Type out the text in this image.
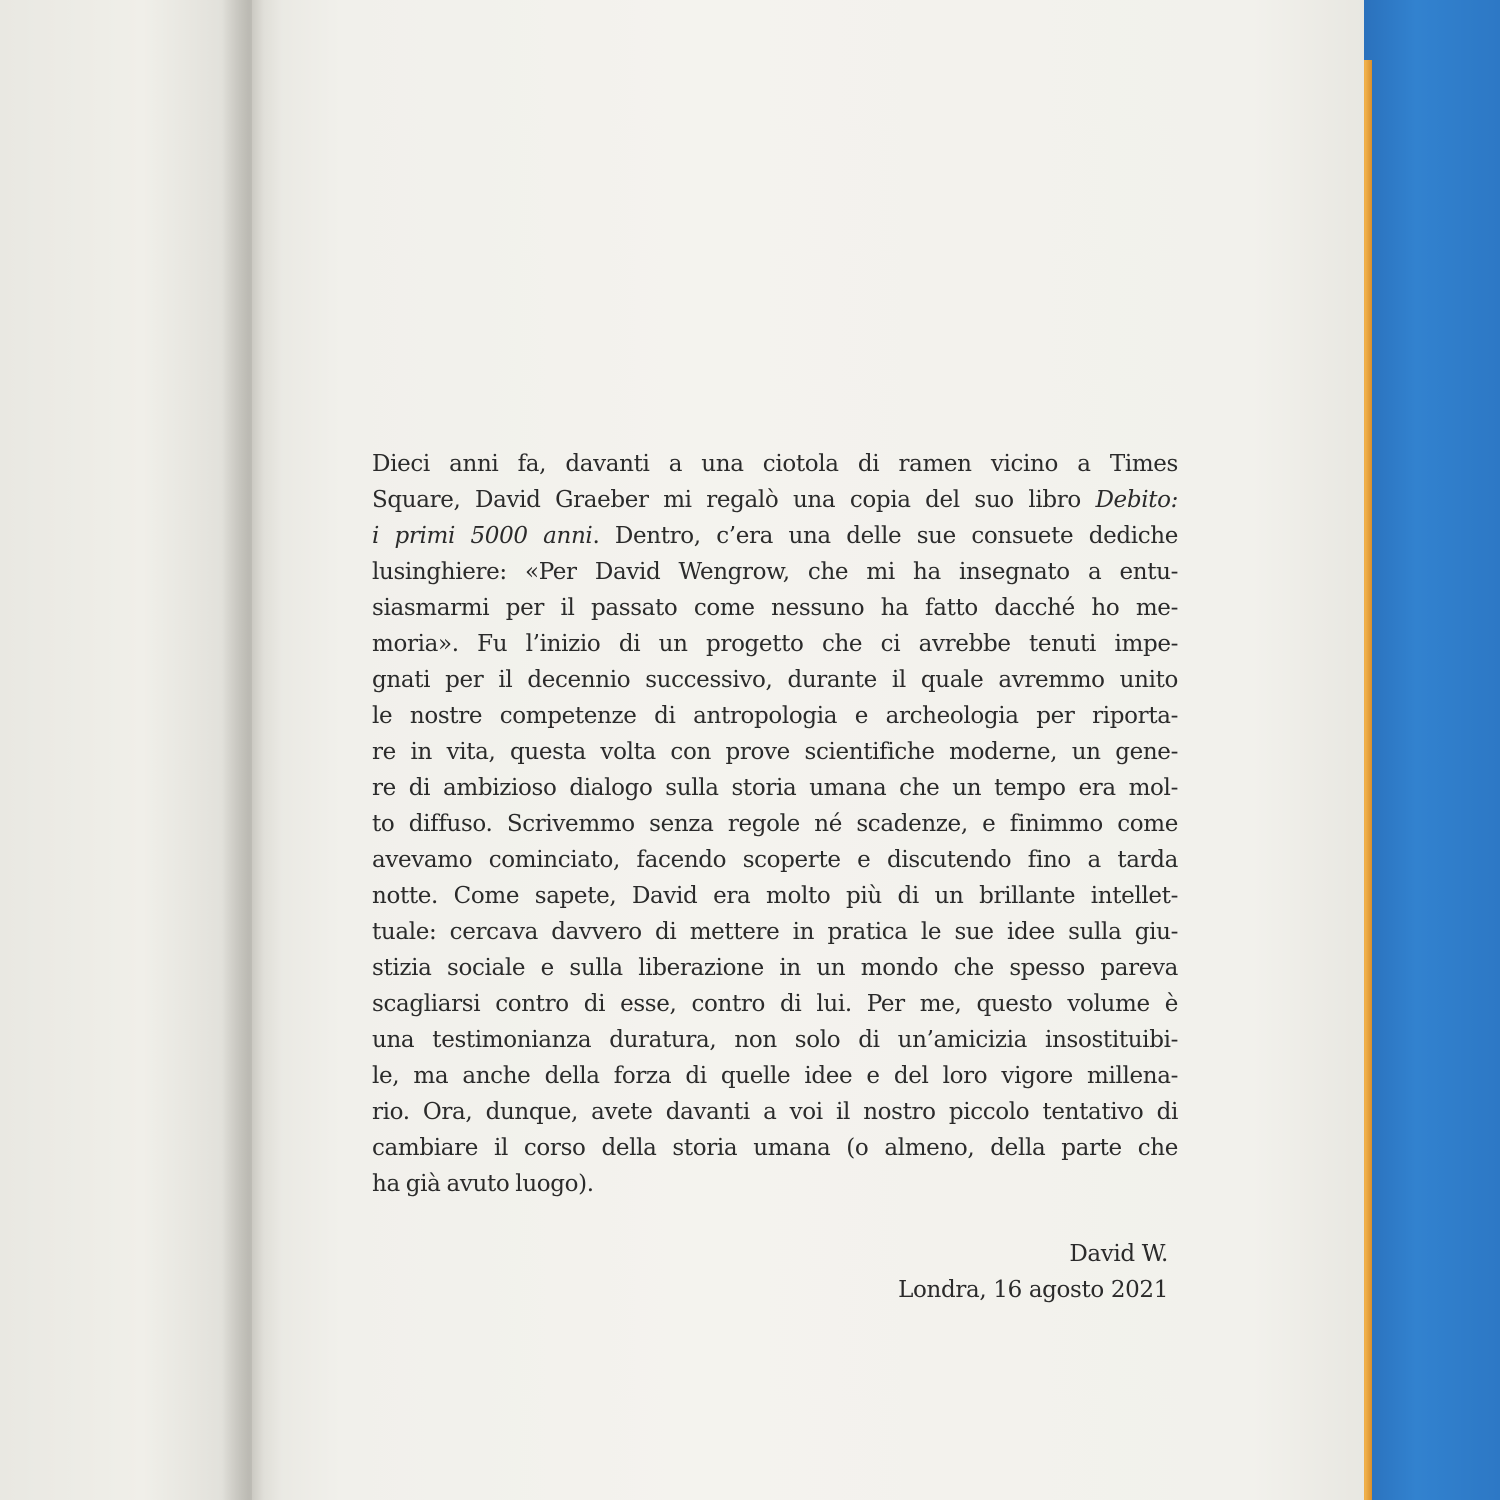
Dieci anni fa, davanti a una ciotola di ramen vicino a Times
Square, David Graeber mi regalò una copia del suo libro Debito:
i primi 5000 anni. Dentro, c’era una delle sue consuete dediche
lusinghiere: «Per David Wengrow, che mi ha insegnato a entu-
siasmarmi per il passato come nessuno ha fatto dacché ho me-
moria». Fu l’inizio di un progetto che ci avrebbe tenuti impe-
gnati per il decennio successivo, durante il quale avremmo unito
le nostre competenze di antropologia e archeologia per riporta-
re in vita, questa volta con prove scientifiche moderne, un gene-
re di ambizioso dialogo sulla storia umana che un tempo era mol-
to diffuso. Scrivemmo senza regole né scadenze, e finimmo come
avevamo cominciato, facendo scoperte e discutendo fino a tarda
notte. Come sapete, David era molto più di un brillante intellet-
tuale: cercava davvero di mettere in pratica le sue idee sulla giu-
stizia sociale e sulla liberazione in un mondo che spesso pareva
scagliarsi contro di esse, contro di lui. Per me, questo volume è
una testimonianza duratura, non solo di un’amicizia insostituibi-
le, ma anche della forza di quelle idee e del loro vigore millena-
rio. Ora, dunque, avete davanti a voi il nostro piccolo tentativo di
cambiare il corso della storia umana (o almeno, della parte che
ha già avuto luogo).
David W.
Londra, 16 agosto 2021
